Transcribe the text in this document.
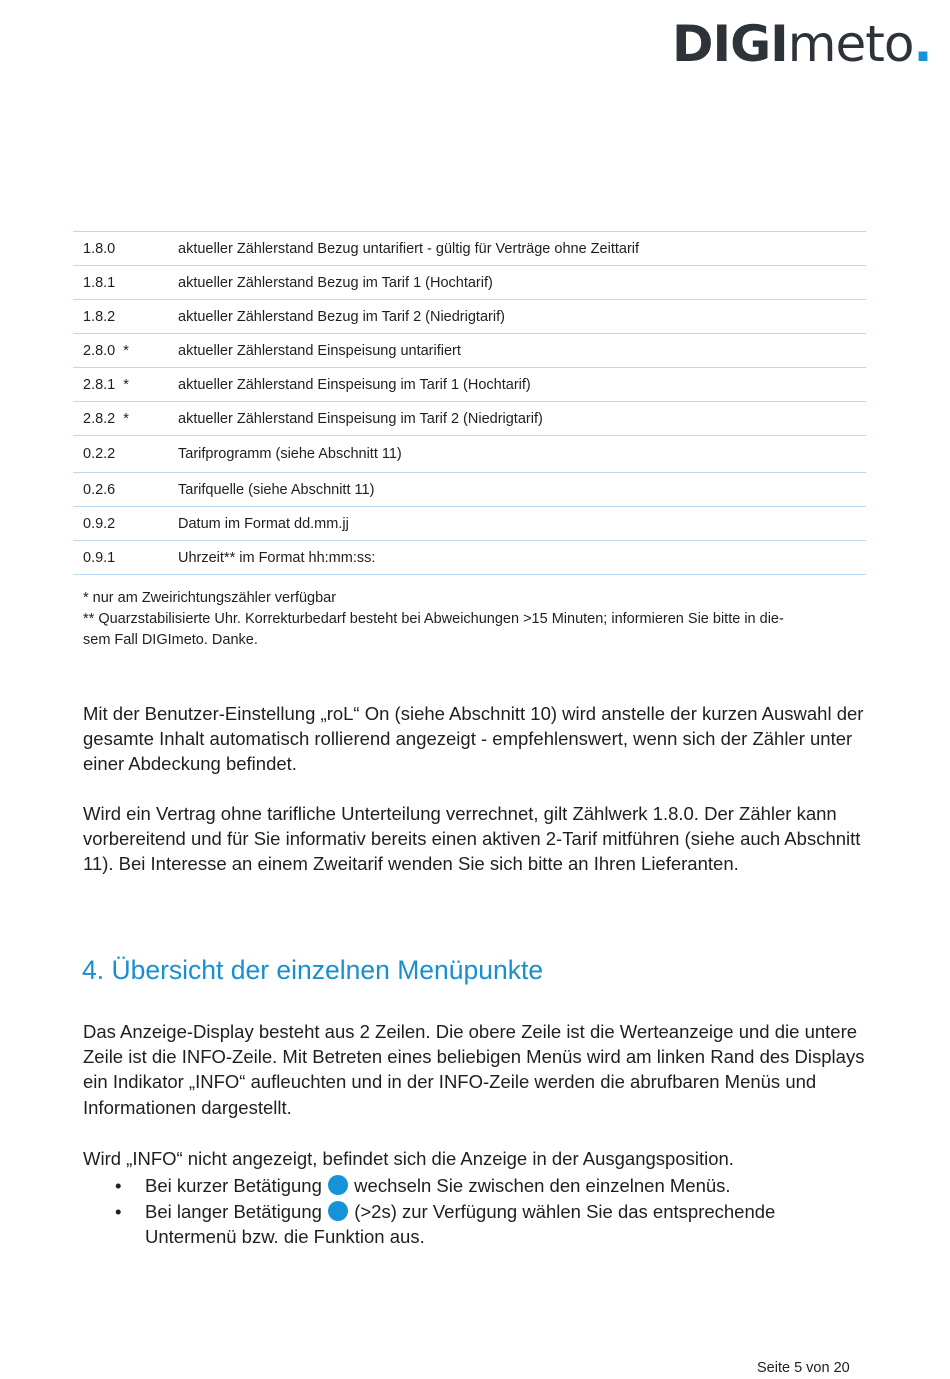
DIGImeto.
1.8.0	aktueller Zählerstand Bezug untarifiert - gültig für Verträge ohne Zeittarif
1.8.1	aktueller Zählerstand Bezug im Tarif 1 (Hochtarif)
1.8.2	aktueller Zählerstand Bezug im Tarif 2 (Niedrigtarif)
2.8.0  *	aktueller Zählerstand Einspeisung untarifiert
2.8.1  *	aktueller Zählerstand Einspeisung im Tarif 1 (Hochtarif)
2.8.2  *	aktueller Zählerstand Einspeisung im Tarif 2 (Niedrigtarif)
0.2.2	Tarifprogramm (siehe Abschnitt 11)
0.2.6	Tarifquelle (siehe Abschnitt 11)
0.9.2	Datum im Format dd.mm.jj
0.9.1	Uhrzeit** im Format hh:mm:ss:

* nur am Zweirichtungszähler verfügbar

** Quarzstabilisierte Uhr. Korrekturbedarf besteht bei Abweichungen >15 Minuten; informieren Sie bitte in die-

sem Fall DIGImeto. Danke.

Mit der Benutzer-Einstellung „roL“ On (siehe Abschnitt 10) wird anstelle der kurzen Auswahl der gesamte Inhalt automatisch rollierend angezeigt - empfehlenswert, wenn sich der Zähler unter einer Abdeckung befindet.

Wird ein Vertrag ohne tarifliche Unterteilung verrechnet, gilt Zählwerk 1.8.0. Der Zähler kann vorbereitend und für Sie informativ bereits einen aktiven 2-Tarif mitführen (siehe auch Abschnitt 11). Bei Interesse an einem Zweitarif wenden Sie sich bitte an Ihren Lieferanten.

4. Übersicht der einzelnen Menüpunkte

Das Anzeige-Display besteht aus 2 Zeilen. Die obere Zeile ist die Werteanzeige und die untere Zeile ist die INFO-Zeile. Mit Betreten eines beliebigen Menüs wird am linken Rand des Displays ein Indikator „INFO“ aufleuchten und in der INFO-Zeile werden die abrufbaren Menüs und Informationen dargestellt.

Wird „INFO“ nicht angezeigt, befindet sich die Anzeige in der Ausgangsposition.

• Bei kurzer Betätigung wechseln Sie zwischen den einzelnen Menüs.
• Bei langer Betätigung (>2s) zur Verfügung wählen Sie das entsprechende Untermenü bzw. die Funktion aus.
Seite 5 von 20
